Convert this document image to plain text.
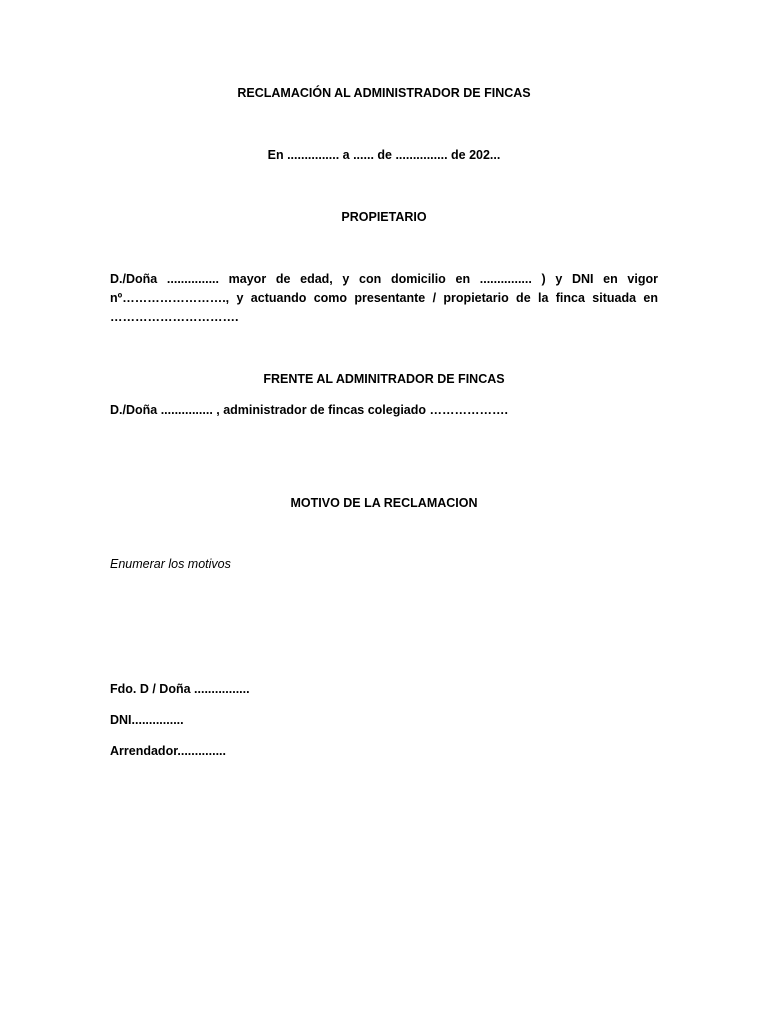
RECLAMACIÓN AL ADMINISTRADOR DE FINCAS
En ............... a ...... de ............... de 202...
PROPIETARIO
D./Doña ............... mayor de edad, y con domicilio en ............... ) y DNI en vigor nº……………………., y actuando como presentante / propietario de la finca situada en ………………………….
FRENTE AL ADMINITRADOR DE FINCAS
D./Doña ............... , administrador de fincas colegiado ……………….
MOTIVO DE LA RECLAMACION
Enumerar los motivos
Fdo. D / Doña ................
DNI...............
Arrendador..............
